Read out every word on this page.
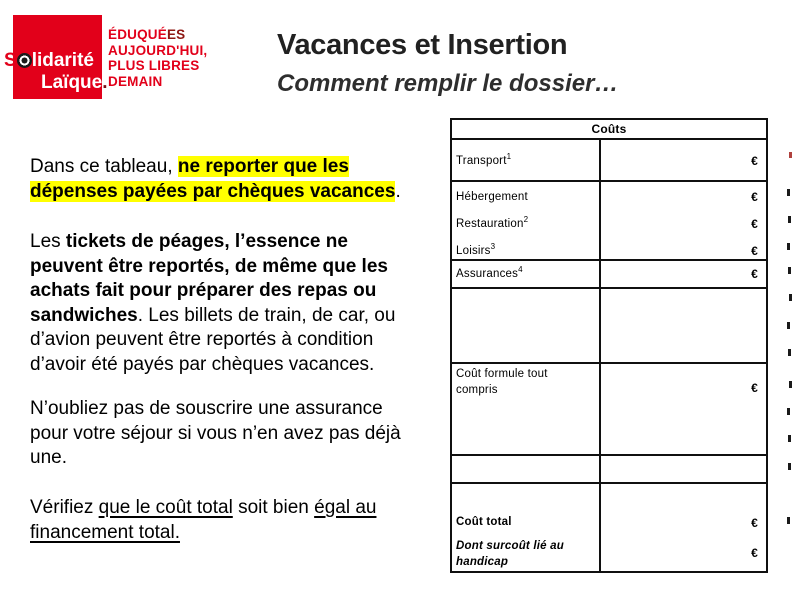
S lidarité
Laïque.
ÉDUQUÉES
AUJOURD'HUI,
PLUS LIBRES
DEMAIN
Vacances et Insertion
Comment remplir le dossier…
Dans ce tableau, ne reporter que les
dépenses payées par chèques vacances.
Les tickets de péages, l’essence ne
peuvent être reportés, de même que les
achats fait pour préparer des repas ou
sandwiches. Les billets de train, de car, ou
d’avion peuvent être reportés à condition
d’avoir été payés par chèques vacances.
N’oubliez pas de souscrire une assurance
pour votre séjour si vous n’en avez pas déjà
une.
Vérifiez que le coût total soit bien égal au
financement total.
Coûts
Transport$^1$
Hébergement
Restauration$^2$
Loisirs$^3$
Assurances$^4$
Coût formule tout compris
Coût total
Dont surcoût lié au handicap
€
€
€
€
€
€
€
€
